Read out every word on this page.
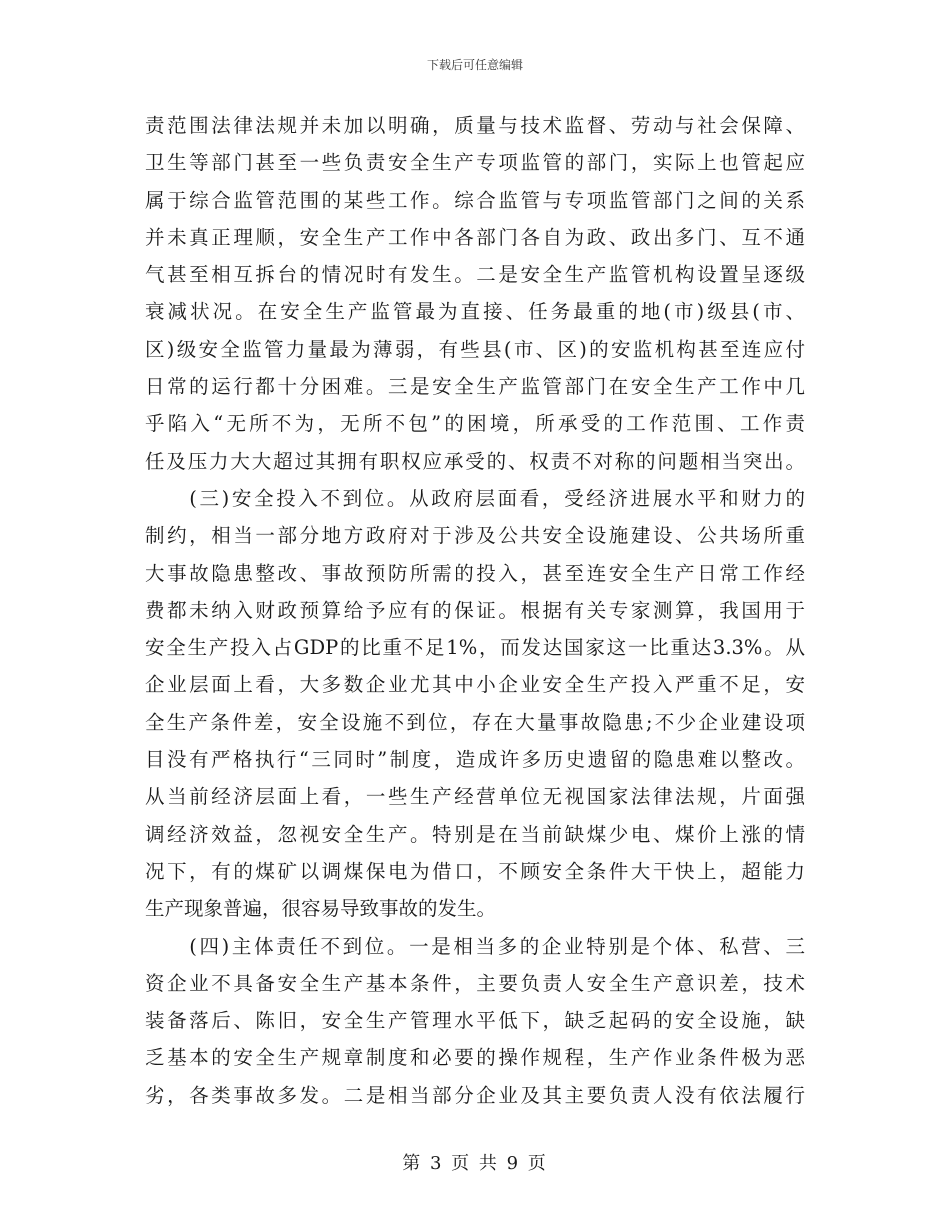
下载后可任意编辑
责范围法律法规并未加以明确，质量与技术监督、劳动与社会保障、
卫生等部门甚至一些负责安全生产专项监管的部门，实际上也管起应
属于综合监管范围的某些工作。综合监管与专项监管部门之间的关系
并未真正理顺，安全生产工作中各部门各自为政、政出多门、互不通
气甚至相互拆台的情况时有发生。二是安全生产监管机构设置呈逐级
衰减状况。在安全生产监管最为直接、任务最重的地(市)级县(市、
区)级安全监管力量最为薄弱，有些县(市、区)的安监机构甚至连应付
日常的运行都十分困难。三是安全生产监管部门在安全生产工作中几
乎陷入“无所不为，无所不包”的困境，所承受的工作范围、工作责
任及压力大大超过其拥有职权应承受的、权责不对称的问题相当突出。
　　(三)安全投入不到位。从政府层面看，受经济进展水平和财力的
制约，相当一部分地方政府对于涉及公共安全设施建设、公共场所重
大事故隐患整改、事故预防所需的投入，甚至连安全生产日常工作经
费都未纳入财政预算给予应有的保证。根据有关专家测算，我国用于
安全生产投入占GDP的比重不足1%，而发达国家这一比重达3.3%。从
企业层面上看，大多数企业尤其中小企业安全生产投入严重不足，安
全生产条件差，安全设施不到位，存在大量事故隐患;不少企业建设项
目没有严格执行“三同时”制度，造成许多历史遗留的隐患难以整改。
从当前经济层面上看，一些生产经营单位无视国家法律法规，片面强
调经济效益，忽视安全生产。特别是在当前缺煤少电、煤价上涨的情
况下，有的煤矿以调煤保电为借口，不顾安全条件大干快上，超能力
生产现象普遍，很容易导致事故的发生。
　　(四)主体责任不到位。一是相当多的企业特别是个体、私营、三
资企业不具备安全生产基本条件，主要负责人安全生产意识差，技术
装备落后、陈旧，安全生产管理水平低下，缺乏起码的安全设施，缺
乏基本的安全生产规章制度和必要的操作规程，生产作业条件极为恶
劣，各类事故多发。二是相当部分企业及其主要负责人没有依法履行
第 3 页 共 9 页
